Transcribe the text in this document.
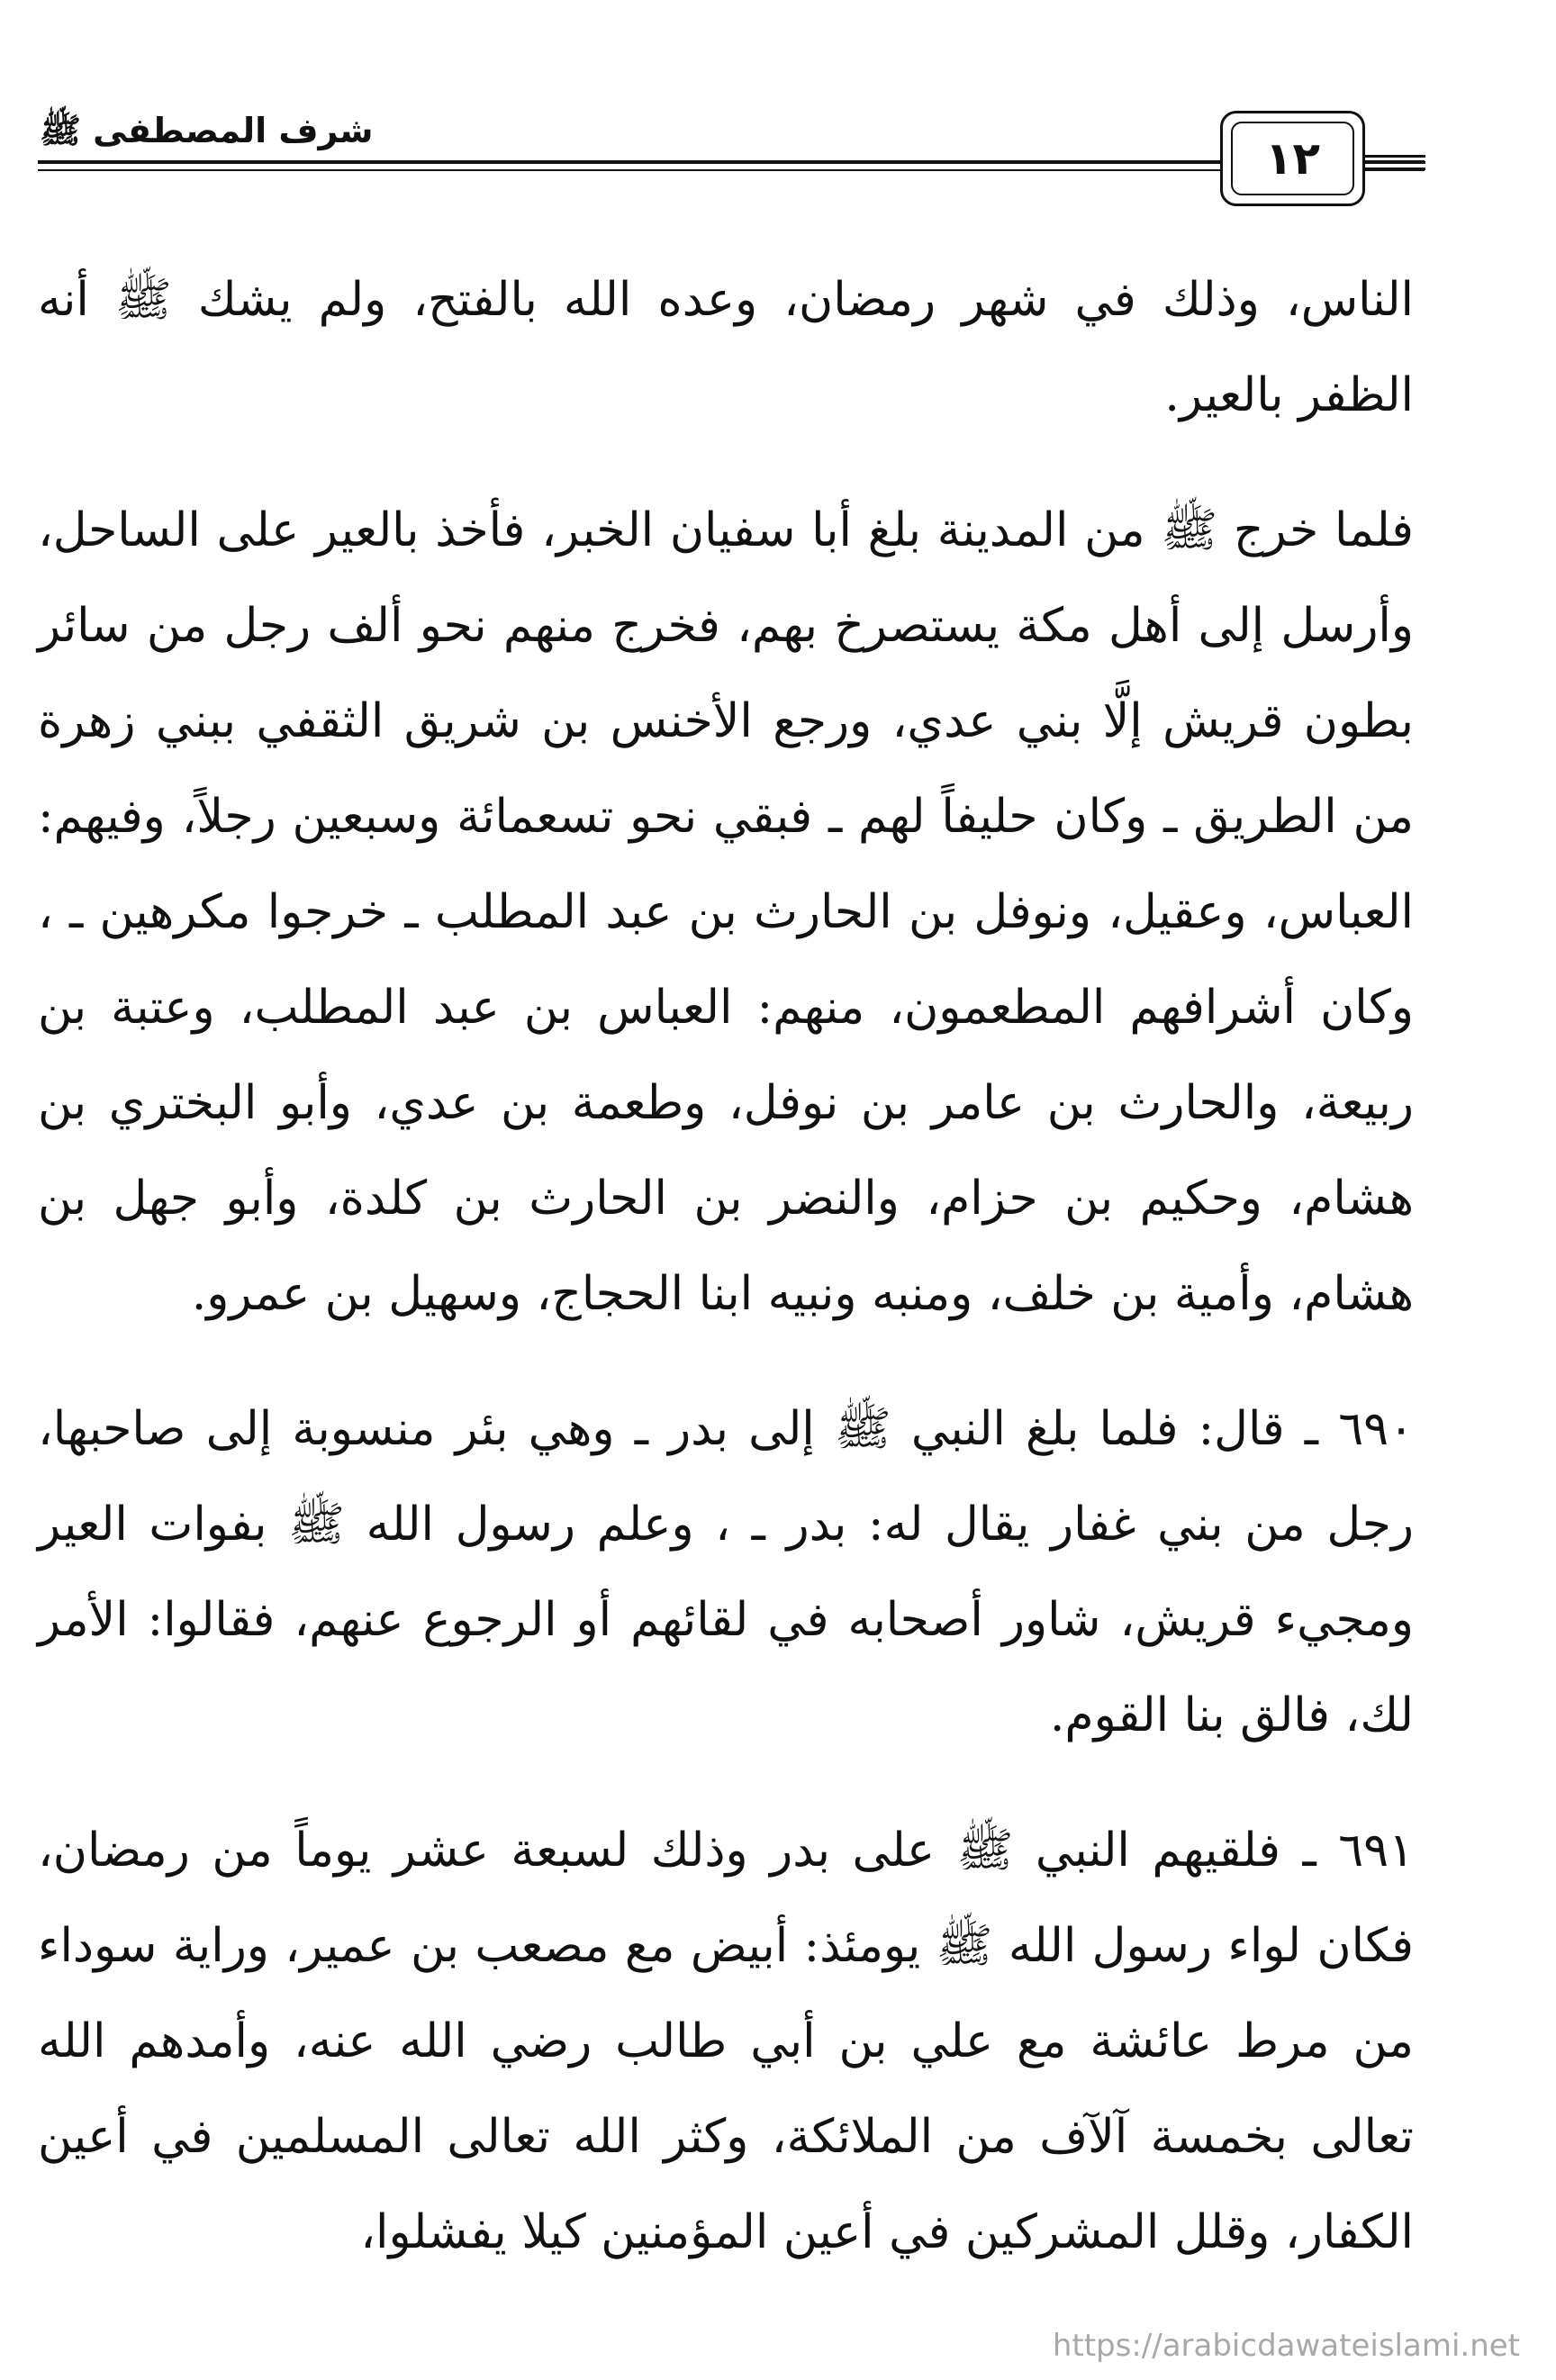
شرف المصطفى ﷺ
١٢

الناس، وذلك في شهر رمضان، وعده الله بالفتح، ولم يشك ﷺ أنه الظفر بالعير.

فلما خرج ﷺ من المدينة بلغ أبا سفيان الخبر، فأخذ بالعير على الساحل، وأرسل إلى أهل مكة يستصرخ بهم، فخرج منهم نحو ألف رجل من سائر بطون قريش إلَّا بني عدي، ورجع الأخنس بن شريق الثقفي ببني زهرة من الطريق ـ وكان حليفاً لهم ـ فبقي نحو تسعمائة وسبعين رجلاً، وفيهم: العباس، وعقيل، ونوفل بن الحارث بن عبد المطلب ـ خرجوا مكرهين ـ ، وكان أشرافهم المطعمون، منهم: العباس بن عبد المطلب، وعتبة بن ربيعة، والحارث بن عامر بن نوفل، وطعمة بن عدي، وأبو البختري بن هشام، وحكيم بن حزام، والنضر بن الحارث بن كلدة، وأبو جهل بن هشام، وأمية بن خلف، ومنبه ونبيه ابنا الحجاج، وسهيل بن عمرو.

٦٩٠ ـ قال: فلما بلغ النبي ﷺ إلى بدر ـ وهي بئر منسوبة إلى صاحبها، رجل من بني غفار يقال له: بدر ـ ، وعلم رسول الله ﷺ بفوات العير ومجيء قريش، شاور أصحابه في لقائهم أو الرجوع عنهم، فقالوا: الأمر لك، فالق بنا القوم.

٦٩١ ـ فلقيهم النبي ﷺ على بدر وذلك لسبعة عشر يوماً من رمضان، فكان لواء رسول الله ﷺ يومئذ: أبيض مع مصعب بن عمير، وراية سوداء من مرط عائشة مع علي بن أبي طالب رضي الله عنه، وأمدهم الله تعالى بخمسة آلآف من الملائكة، وكثر الله تعالى المسلمين في أعين الكفار، وقلل المشركين في أعين المؤمنين كيلا يفشلوا،

https://arabicdawateislami.net
